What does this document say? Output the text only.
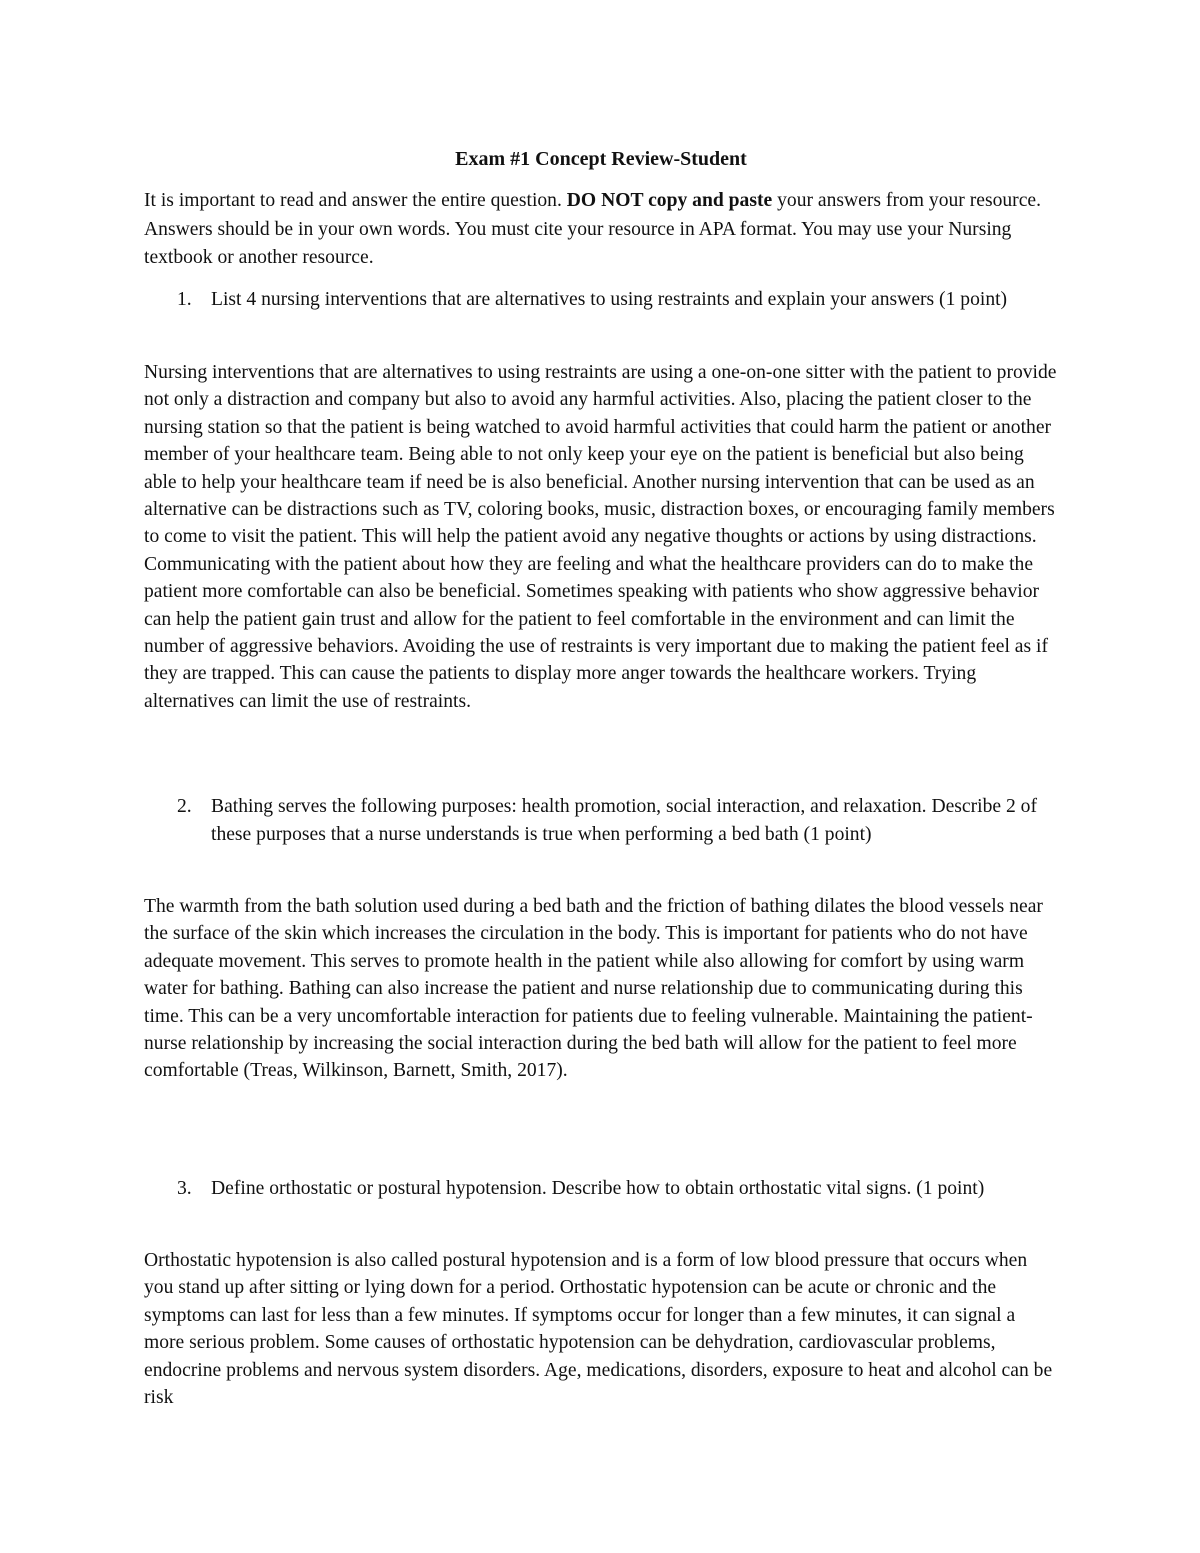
Exam #1 Concept Review-Student

It is important to read and answer the entire question. DO NOT copy and paste your answers from your resource. Answers should be in your own words. You must cite your resource in APA format. You may use your Nursing textbook or another resource.

1. List 4 nursing interventions that are alternatives to using restraints and explain your answers (1 point)

Nursing interventions that are alternatives to using restraints are using a one-on-one sitter with the patient to provide not only a distraction and company but also to avoid any harmful activities. Also, placing the patient closer to the nursing station so that the patient is being watched to avoid harmful activities that could harm the patient or another member of your healthcare team. Being able to not only keep your eye on the patient is beneficial but also being able to help your healthcare team if need be is also beneficial. Another nursing intervention that can be used as an alternative can be distractions such as TV, coloring books, music, distraction boxes, or encouraging family members to come to visit the patient. This will help the patient avoid any negative thoughts or actions by using distractions. Communicating with the patient about how they are feeling and what the healthcare providers can do to make the patient more comfortable can also be beneficial. Sometimes speaking with patients who show aggressive behavior can help the patient gain trust and allow for the patient to feel comfortable in the environment and can limit the number of aggressive behaviors. Avoiding the use of restraints is very important due to making the patient feel as if they are trapped. This can cause the patients to display more anger towards the healthcare workers. Trying alternatives can limit the use of restraints.

2. Bathing serves the following purposes: health promotion, social interaction, and relaxation. Describe 2 of these purposes that a nurse understands is true when performing a bed bath (1 point)

The warmth from the bath solution used during a bed bath and the friction of bathing dilates the blood vessels near the surface of the skin which increases the circulation in the body. This is important for patients who do not have adequate movement. This serves to promote health in the patient while also allowing for comfort by using warm water for bathing. Bathing can also increase the patient and nurse relationship due to communicating during this time. This can be a very uncomfortable interaction for patients due to feeling vulnerable. Maintaining the patient-nurse relationship by increasing the social interaction during the bed bath will allow for the patient to feel more comfortable (Treas, Wilkinson, Barnett, Smith, 2017).

3. Define orthostatic or postural hypotension. Describe how to obtain orthostatic vital signs. (1 point)

Orthostatic hypotension is also called postural hypotension and is a form of low blood pressure that occurs when you stand up after sitting or lying down for a period. Orthostatic hypotension can be acute or chronic and the symptoms can last for less than a few minutes. If symptoms occur for longer than a few minutes, it can signal a more serious problem. Some causes of orthostatic hypotension can be dehydration, cardiovascular problems, endocrine problems and nervous system disorders. Age, medications, disorders, exposure to heat and alcohol can be risk
